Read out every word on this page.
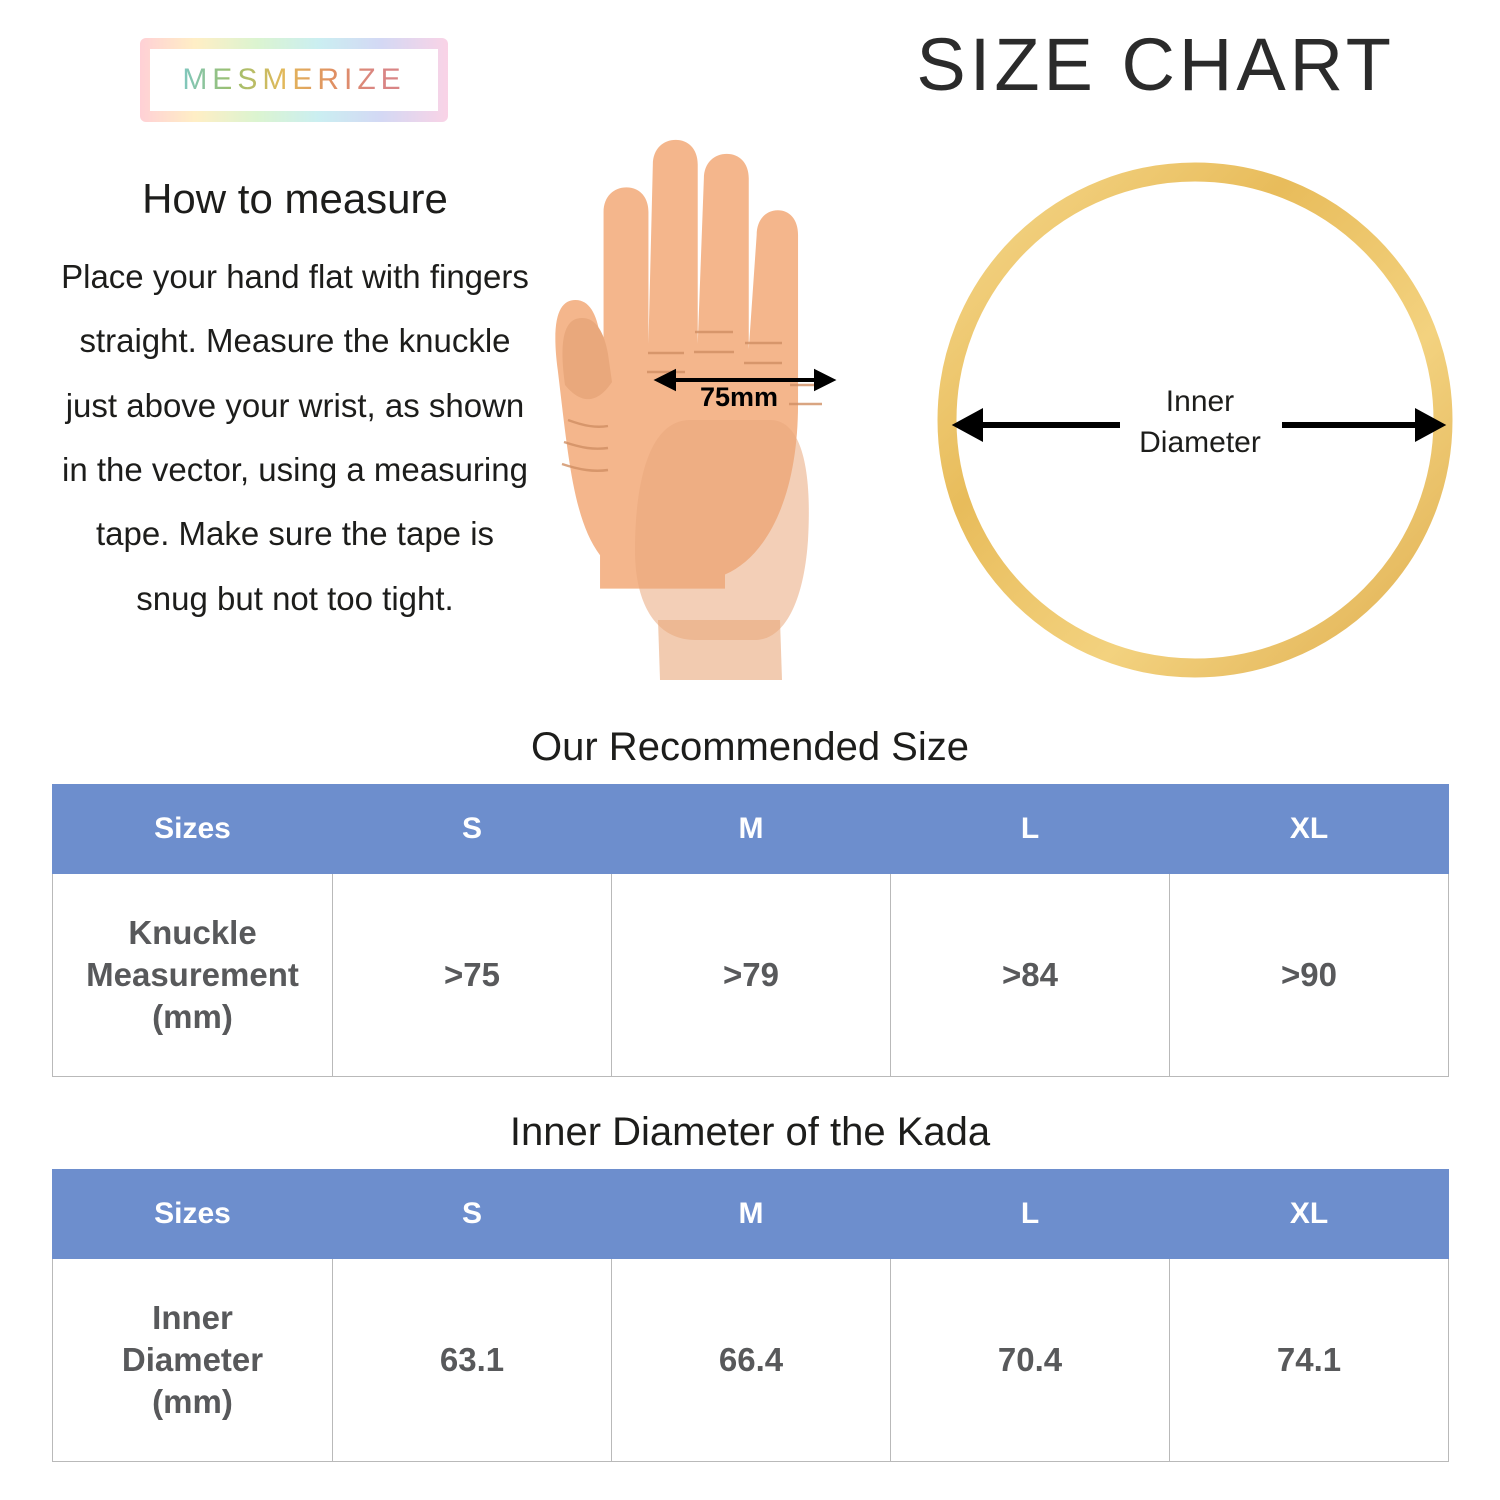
MESMERIZE	SIZE CHART
How to measure

Place your hand flat with fingers straight. Measure the knuckle just above your wrist, as shown in the vector, using a measuring tape. Make sure the tape is snug but not too tight.

75mm	Inner
Diameter
Our Recommended Size
Sizes	S	M	L	XL
Knuckle
Measurement
(mm)	>75	>79	>84	>90
Inner Diameter of the Kada
Sizes	S	M	L	XL
Inner
Diameter
(mm)	63.1	66.4	70.4	74.1
